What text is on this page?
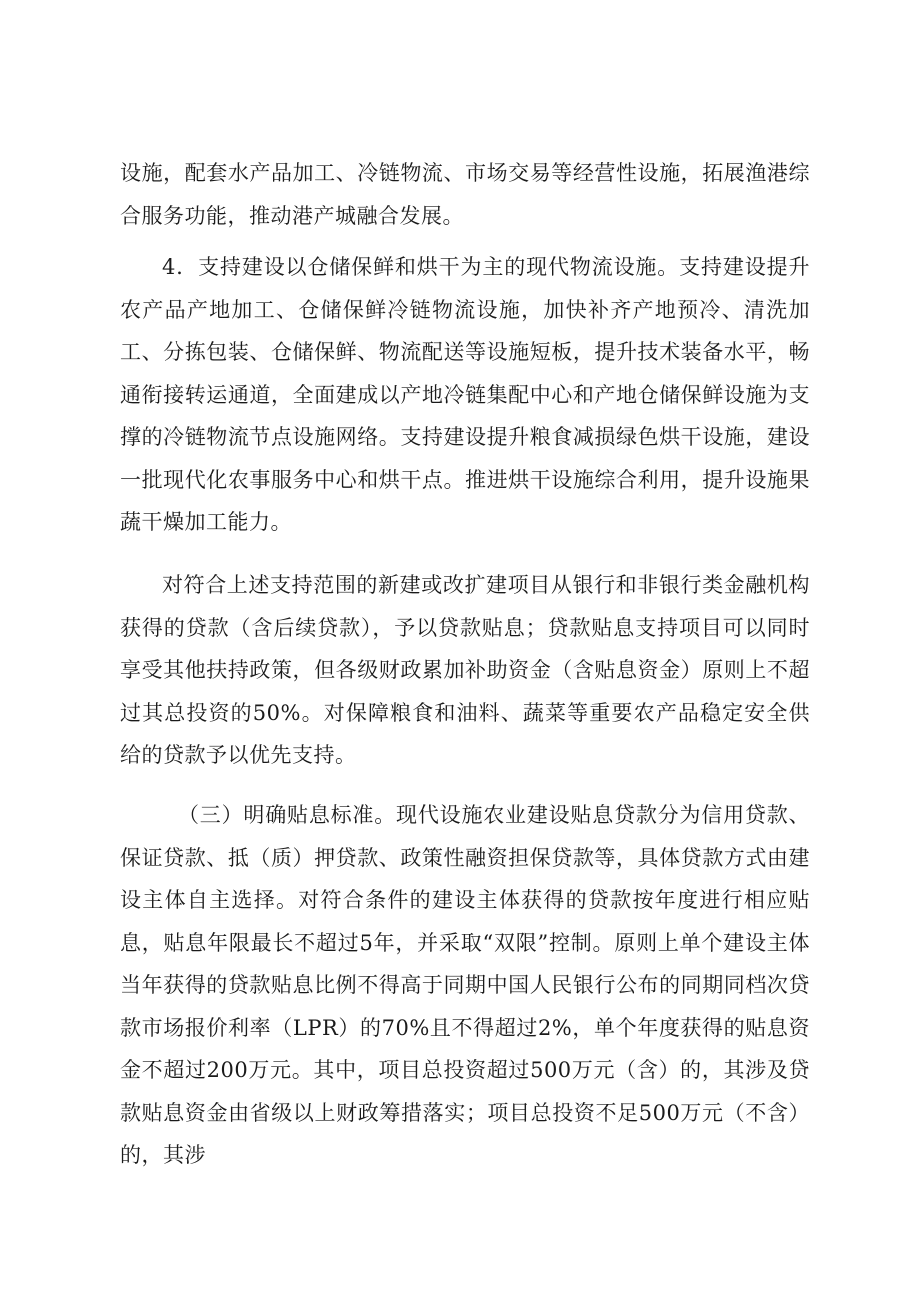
设施，配套水产品加工、冷链物流、市场交易等经营性设施，拓展渔港综合服务功能，推动港产城融合发展。

4．支持建设以仓储保鲜和烘干为主的现代物流设施。支持建设提升农产品产地加工、仓储保鲜冷链物流设施，加快补齐产地预冷、清洗加工、分拣包装、仓储保鲜、物流配送等设施短板，提升技术装备水平，畅通衔接转运通道，全面建成以产地冷链集配中心和产地仓储保鲜设施为支撑的冷链物流节点设施网络。支持建设提升粮食减损绿色烘干设施，建设一批现代化农事服务中心和烘干点。推进烘干设施综合利用，提升设施果蔬干燥加工能力。

对符合上述支持范围的新建或改扩建项目从银行和非银行类金融机构获得的贷款（含后续贷款），予以贷款贴息；贷款贴息支持项目可以同时享受其他扶持政策，但各级财政累加补助资金（含贴息资金）原则上不超过其总投资的50%。对保障粮食和油料、蔬菜等重要农产品稳定安全供给的贷款予以优先支持。

（三）明确贴息标准。现代设施农业建设贴息贷款分为信用贷款、保证贷款、抵（质）押贷款、政策性融资担保贷款等，具体贷款方式由建设主体自主选择。对符合条件的建设主体获得的贷款按年度进行相应贴息，贴息年限最长不超过5年，并采取“双限”控制。原则上单个建设主体当年获得的贷款贴息比例不得高于同期中国人民银行公布的同期同档次贷款市场报价利率（LPR）的70%且不得超过2%，单个年度获得的贴息资金不超过200万元。其中，项目总投资超过500万元（含）的，其涉及贷款贴息资金由省级以上财政筹措落实；项目总投资不足500万元（不含）的，其涉
